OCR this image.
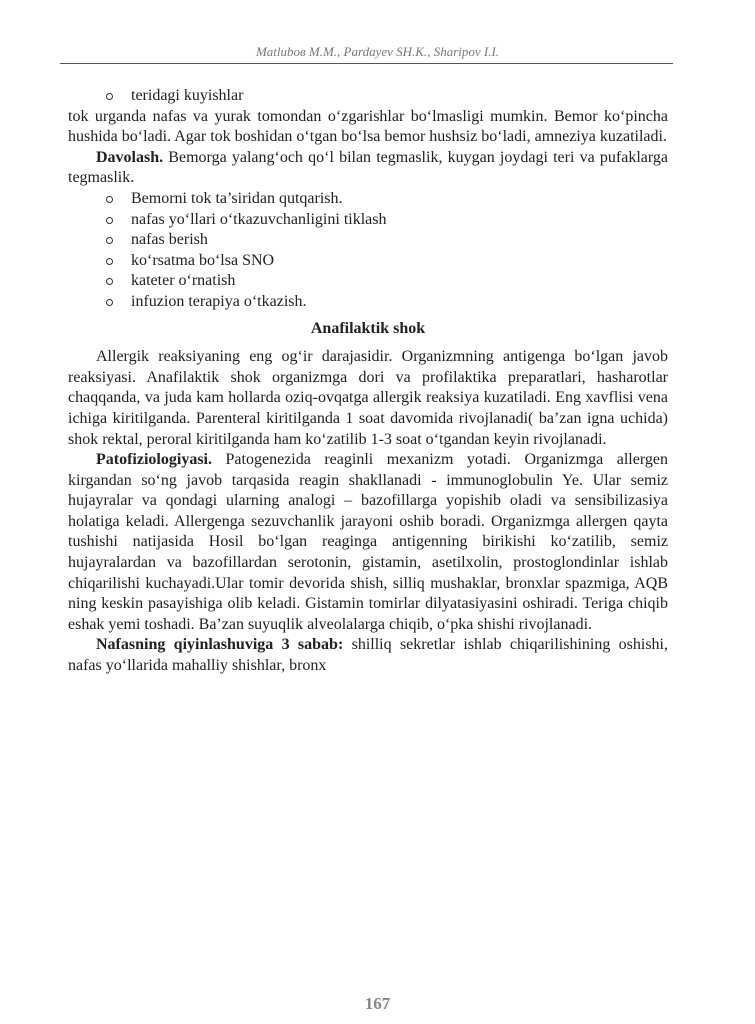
Matluboв M.M., Pardayev SH.K., Sharipov I.I.
teridagi kuyishlar

tok urganda nafas va yurak tomondan o‘zgarishlar bo‘lmasligi mumkin. Bemor ko‘pincha hushida bo‘ladi. Agar tok boshidan o‘tgan bo‘lsa bemor hushsiz bo‘ladi, amneziya kuzatiladi.

Davolash. Bemorga yalang‘och qo‘l bilan tegmaslik, kuygan joydagi teri va pufaklarga tegmaslik.

Bemorni tok ta’siridan qutqarish.
nafas yo‘llari o‘tkazuvchanligini tiklash
nafas berish
ko‘rsatma bo‘lsa SNO
kateter o‘rnatish
infuzion terapiya o‘tkazish.

Anafilaktik shok

Allergik reaksiyaning eng og‘ir darajasidir. Organizmning antigenga bo‘lgan javob reaksiyasi. Anafilaktik shok organizmga dori va profilaktika preparatlari, hasharotlar chaqqanda, va juda kam hollarda oziq-ovqatga allergik reaksiya kuzatiladi. Eng xavflisi vena ichiga kiritilganda. Parenteral kiritilganda 1 soat davomida rivojlanadi( ba’zan igna uchida) shok rektal, peroral kiritilganda ham ko‘zatilib 1-3 soat o‘tgandan keyin rivojlanadi.

Patofiziologiyasi. Patogenezida reaginli mexanizm yotadi. Organizmga allergen kirgandan so‘ng javob tarqasida reagin shakllanadi - immunoglobulin Ye. Ular semiz hujayralar va qondagi ularning analogi – bazofillarga yopishib oladi va sensibilizasiya holatiga keladi. Allergenga sezuvchanlik jarayoni oshib boradi. Organizmga allergen qayta tushishi natijasida Hosil bo‘lgan reaginga antigenning birikishi ko‘zatilib, semiz hujayralardan va bazofillardan serotonin, gistamin, asetilxolin, prostoglondinlar ishlab chiqarilishi kuchayadi.Ular tomir devorida shish, silliq mushaklar, bronxlar spazmiga, AQB ning keskin pasayishiga olib keladi. Gistamin tomirlar dilyatasiyasini oshiradi. Teriga chiqib eshak yemi toshadi. Ba’zan suyuqlik alveolalarga chiqib, o‘pka shishi rivojlanadi.

Nafasning qiyinlashuviga 3 sabab: shilliq sekretlar ishlab chiqarilishining oshishi, nafas yo‘llarida mahalliy shishlar, bronx

167
